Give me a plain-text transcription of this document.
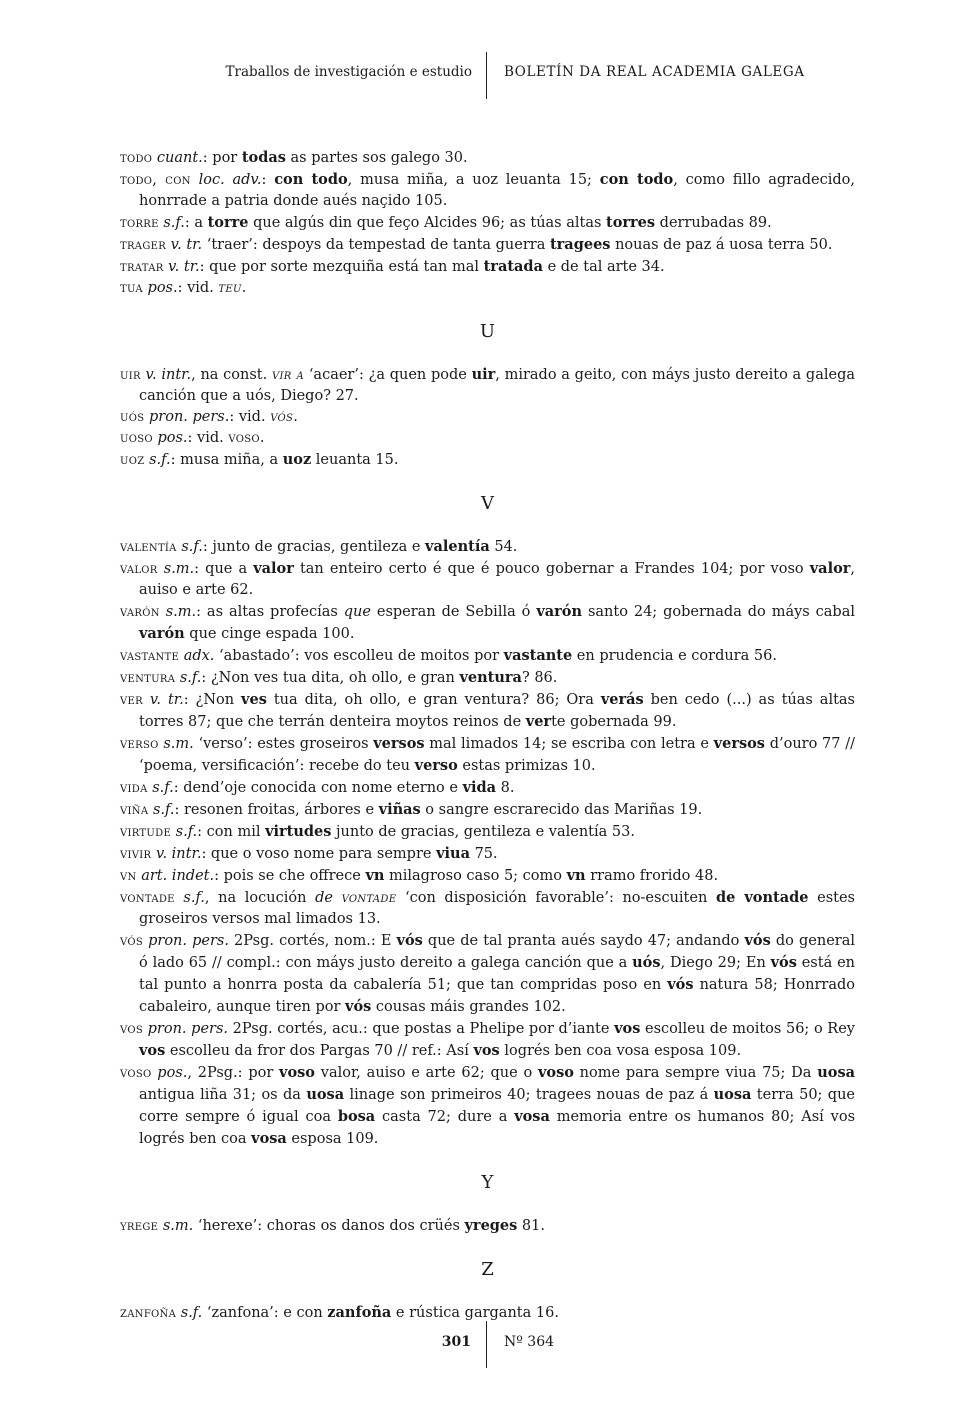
Traballos de investigación e estudio BOLETÍN DA REAL ACADEMIA GALEGA

todo cuant.: por todas as partes sos galego 30.

todo, con loc. adv.: con todo, musa miña, a uoz leuanta 15; con todo, como fillo agradecido, honrrade a patria donde aués naçido 105.

torre s.f.: a torre que algús din que feço Alcides 96; as túas altas torres derrubadas 89.

trager v. tr. ‘traer’: despoys da tempestad de tanta guerra tragees nouas de paz á uosa terra 50.

tratar v. tr.: que por sorte mezquiña está tan mal tratada e de tal arte 34.

tua pos.: vid. teu.

U

uir v. intr., na const. vir a ‘acaer’: ¿a quen pode uir, mirado a geito, con máys justo dereito a galega canción que a uós, Diego? 27.

uós pron. pers.: vid. vós.

uoso pos.: vid. voso.

uoz s.f.: musa miña, a uoz leuanta 15.

V

valentía s.f.: junto de gracias, gentileza e valentía 54.

valor s.m.: que a valor tan enteiro certo é que é pouco gobernar a Frandes 104; por voso valor, auiso e arte 62.

varón s.m.: as altas profecías que esperan de Sebilla ó varón santo 24; gobernada do máys cabal varón que cinge espada 100.

vastante adx. ‘abastado’: vos escolleu de moitos por vastante en prudencia e cordura 56.

ventura s.f.: ¿Non ves tua dita, oh ollo, e gran ventura? 86.

ver v. tr.: ¿Non ves tua dita, oh ollo, e gran ventura? 86; Ora verás ben cedo (...) as túas altas torres 87; que che terrán denteira moytos reinos de verte gobernada 99.

verso s.m. ‘verso’: estes groseiros versos mal limados 14; se escriba con letra e versos d’ouro 77 // ‘poema, versificación’: recebe do teu verso estas primizas 10.

vida s.f.: dend’oje conocida con nome eterno e vida 8.

viña s.f.: resonen froitas, árbores e viñas o sangre escrarecido das Mariñas 19.

virtude s.f.: con mil virtudes junto de gracias, gentileza e valentía 53.

vivir v. intr.: que o voso nome para sempre viua 75.

vn art. indet.: pois se che offrece vn milagroso caso 5; como vn rramo frorido 48.

vontade s.f., na locución de vontade ‘con disposición favorable’: no-escuiten de vontade estes groseiros versos mal limados 13.

vós pron. pers. 2Psg. cortés, nom.: E vós que de tal pranta aués saydo 47; andando vós do general ó lado 65 // compl.: con máys justo dereito a galega canción que a uós, Diego 29; En vós está en tal punto a honrra posta da cabalería 51; que tan compridas poso en vós natura 58; Honrrado cabaleiro, aunque tiren por vós cousas máis grandes 102.

vos pron. pers. 2Psg. cortés, acu.: que postas a Phelipe por d’iante vos escolleu de moitos 56; o Rey vos escolleu da fror dos Pargas 70 // ref.: Así vos logrés ben coa vosa esposa 109.

voso pos., 2Psg.: por voso valor, auiso e arte 62; que o voso nome para sempre viua 75; Da uosa antigua liña 31; os da uosa linage son primeiros 40; tragees nouas de paz á uosa terra 50; que corre sempre ó igual coa bosa casta 72; dure a vosa memoria entre os humanos 80; Así vos logrés ben coa vosa esposa 109.

Y

yrege s.m. ‘herexe’: choras os danos dos crüés yreges 81.

Z

zanfoña s.f. ‘zanfona’: e con zanfoña e rústica garganta 16.

301 Nº 364
